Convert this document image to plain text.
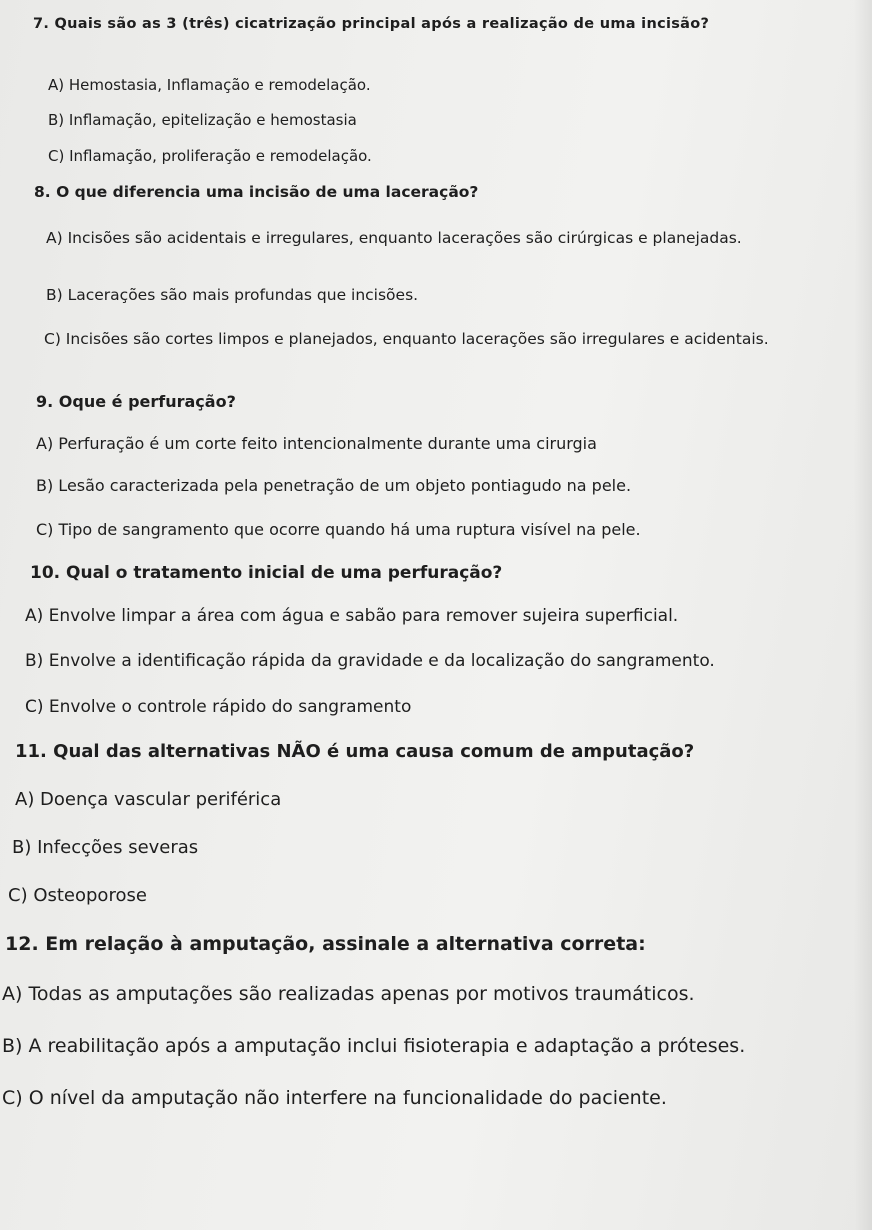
7. Quais são as 3 (três) cicatrização principal após a realização de uma incisão?

A) Hemostasia, Inflamação e remodelação.

B) Inflamação, epitelização e hemostasia

C) Inflamação, proliferação e remodelação.

8. O que diferencia uma incisão de uma laceração?

A) Incisões são acidentais e irregulares, enquanto lacerações são cirúrgicas e planejadas.

B) Lacerações são mais profundas que incisões.

C) Incisões são cortes limpos e planejados, enquanto lacerações são irregulares e acidentais.

9. Oque é perfuração?

A) Perfuração é um corte feito intencionalmente durante uma cirurgia

B) Lesão caracterizada pela penetração de um objeto pontiagudo na pele.

C) Tipo de sangramento que ocorre quando há uma ruptura visível na pele.

10. Qual o tratamento inicial de uma perfuração?

A) Envolve limpar a área com água e sabão para remover sujeira superficial.

B) Envolve a identificação rápida da gravidade e da localização do sangramento.

C) Envolve o controle rápido do sangramento

11. Qual das alternativas NÃO é uma causa comum de amputação?

A) Doença vascular periférica

B) Infecções severas

C) Osteoporose

12. Em relação à amputação, assinale a alternativa correta:

A) Todas as amputações são realizadas apenas por motivos traumáticos.

B) A reabilitação após a amputação inclui fisioterapia e adaptação a próteses.

C) O nível da amputação não interfere na funcionalidade do paciente.
